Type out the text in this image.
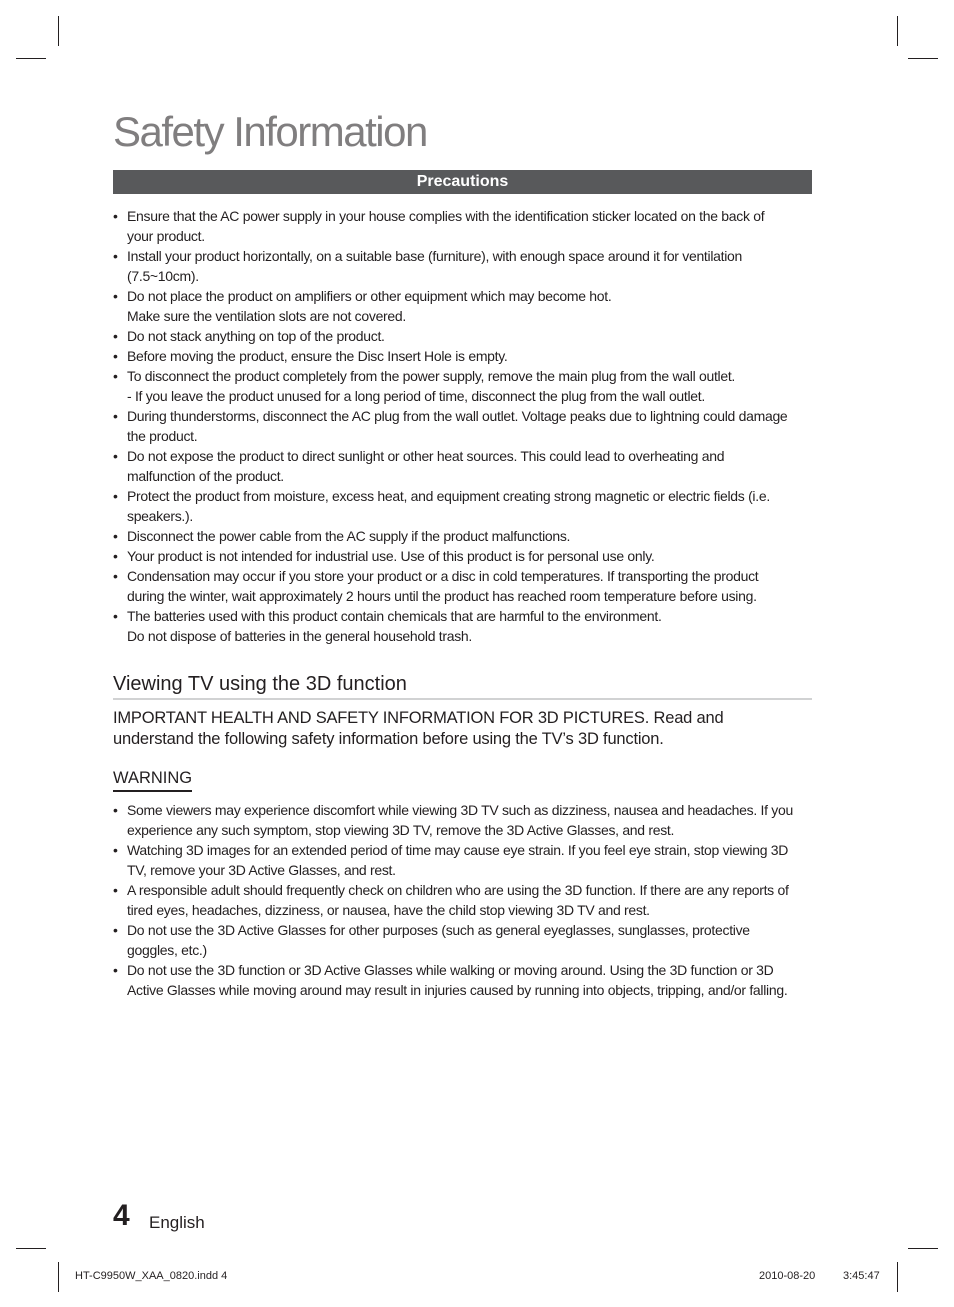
Safety Information
Precautions
• Ensure that the AC power supply in your house complies with the identification sticker located on the back of
your product.
• Install your product horizontally, on a suitable base (furniture), with enough space around it for ventilation
(7.5~10cm).
• Do not place the product on amplifiers or other equipment which may become hot.
Make sure the ventilation slots are not covered.
• Do not stack anything on top of the product.
• Before moving the product, ensure the Disc Insert Hole is empty.
• To disconnect the product completely from the power supply, remove the main plug from the wall outlet.
- If you leave the product unused for a long period of time, disconnect the plug from the wall outlet.
• During thunderstorms, disconnect the AC plug from the wall outlet. Voltage peaks due to lightning could damage
the product.
• Do not expose the product to direct sunlight or other heat sources. This could lead to overheating and
malfunction of the product.
• Protect the product from moisture, excess heat, and equipment creating strong magnetic or electric fields (i.e.
speakers.).
• Disconnect the power cable from the AC supply if the product malfunctions.
• Your product is not intended for industrial use. Use of this product is for personal use only.
• Condensation may occur if you store your product or a disc in cold temperatures. If transporting the product
during the winter, wait approximately 2 hours until the product has reached room temperature before using.
• The batteries used with this product contain chemicals that are harmful to the environment.
Do not dispose of batteries in the general household trash.
Viewing TV using the 3D function
IMPORTANT HEALTH AND SAFETY INFORMATION FOR 3D PICTURES. Read and
understand the following safety information before using the TV’s 3D function.
WARNING
• Some viewers may experience discomfort while viewing 3D TV such as dizziness, nausea and headaches. If you
experience any such symptom, stop viewing 3D TV, remove the 3D Active Glasses, and rest.
• Watching 3D images for an extended period of time may cause eye strain. If you feel eye strain, stop viewing 3D
TV, remove your 3D Active Glasses, and rest.
• A responsible adult should frequently check on children who are using the 3D function. If there are any reports of
tired eyes, headaches, dizziness, or nausea, have the child stop viewing 3D TV and rest.
• Do not use the 3D Active Glasses for other purposes (such as general eyeglasses, sunglasses, protective
goggles, etc.)
• Do not use the 3D function or 3D Active Glasses while walking or moving around. Using the 3D function or 3D
Active Glasses while moving around may result in injuries caused by running into objects, tripping, and/or falling.
4 English
HT-C9950W_XAA_0820.indd 4	2010-08-20	3:45:47
